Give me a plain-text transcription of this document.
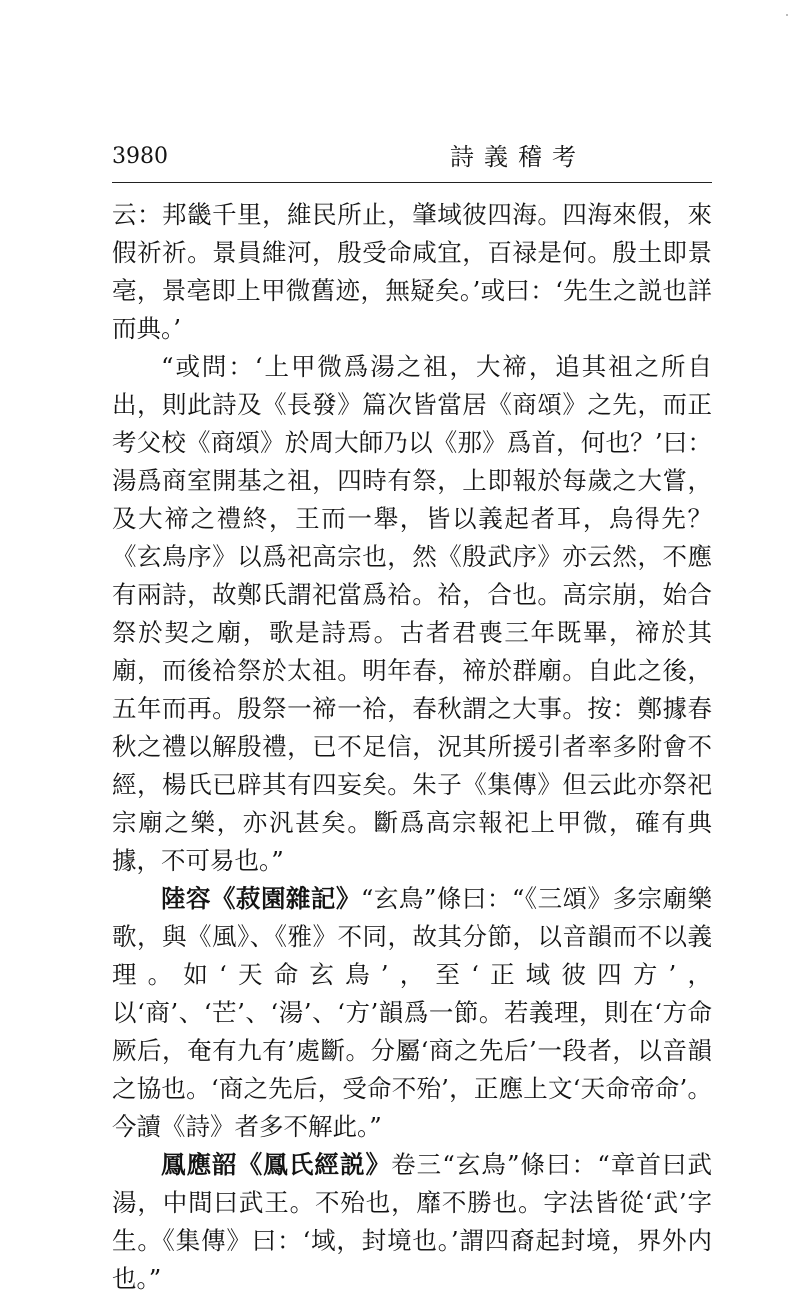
3980	詩義稽考

云：邦畿千里，維民所止，肇域彼四海。四海來假，來假祈祈。景員維河，殷受命咸宜，百禄是何。殷土即景亳，景亳即上甲微舊迹，無疑矣。’或曰：‘先生之説也詳而典。’

“或問：‘上甲微爲湯之祖，大禘，追其祖之所自出，則此詩及《長發》篇次皆當居《商頌》之先，而正考父校《商頌》於周大師乃以《那》爲首，何也？’曰：湯爲商室開基之祖，四時有祭，上即報於每歲之大嘗，及大禘之禮終，王而一舉，皆以義起者耳，烏得先？《玄鳥序》以爲祀高宗也，然《殷武序》亦云然，不應有兩詩，故鄭氏謂祀當爲祫。祫，合也。高宗崩，始合祭於契之廟，歌是詩焉。古者君喪三年既畢，禘於其廟，而後祫祭於太祖。明年春，禘於群廟。自此之後，五年而再。殷祭一禘一祫，春秋謂之大事。按：鄭據春秋之禮以解殷禮，已不足信，況其所援引者率多附會不經，楊氏已辟其有四妄矣。朱子《集傳》但云此亦祭祀宗廟之樂，亦汎甚矣。斷爲高宗報祀上甲微，確有典據，不可易也。”

陸容《菽園雜記》“玄鳥”條曰：“《三頌》多宗廟樂歌，與《風》、《雅》不同，故其分節，以音韻而不以義理。如‘天命玄鳥’，至‘正域彼四方’，以‘商’、‘芒’、‘湯’、‘方’韻爲一節。若義理，則在‘方命厥后，奄有九有’處斷。分屬‘商之先后’一段者，以音韻之協也。‘商之先后，受命不殆’，正應上文‘天命帝命’。今讀《詩》者多不解此。”

鳳應韶《鳳氏經説》卷三“玄鳥”條曰：“章首曰武湯，中間曰武王。不殆也，靡不勝也。字法皆從‘武’字生。《集傳》曰：‘域，封境也。’謂四裔起封境，界外内也。”
